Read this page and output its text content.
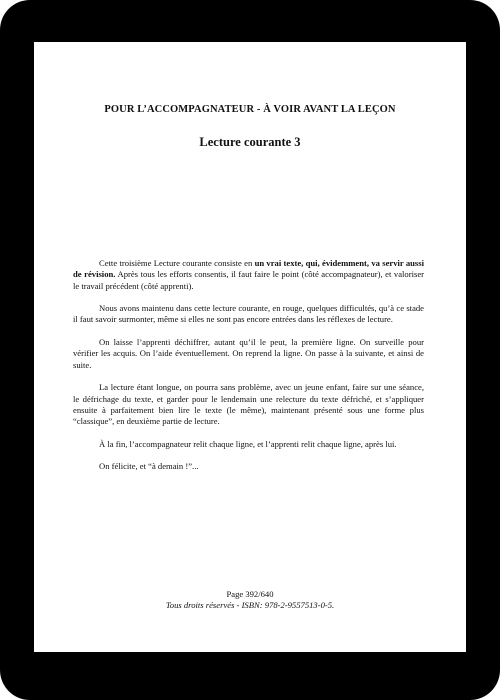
POUR L’ACCOMPAGNATEUR - À VOIR AVANT LA LEÇON
Lecture courante 3

Cette troisième Lecture courante consiste en un vrai texte, qui, évidemment, va servir aussi de révision. Après tous les efforts consentis, il faut faire le point (côté accompagnateur), et valoriser le travail précédent (côté apprenti).

Nous avons maintenu dans cette lecture courante, en rouge, quelques difficultés, qu’à ce stade il faut savoir surmonter, même si elles ne sont pas encore entrées dans les réflexes de lecture.

On laisse l’apprenti déchiffrer, autant qu’il le peut, la première ligne. On surveille pour vérifier les acquis. On l’aide éventuellement. On reprend la ligne. On passe à la suivante, et ainsi de suite.

La lecture étant longue, on pourra sans problème, avec un jeune enfant, faire sur une séance, le défrichage du texte, et garder pour le lendemain une relecture du texte défriché, et s’appliquer ensuite à parfaitement bien lire le texte (le même), maintenant présenté sous une forme plus “classique”, en deuxième partie de lecture.

À la fin, l’accompagnateur relit chaque ligne, et l’apprenti relit chaque ligne, après lui.

On félicite, et “à demain !”...

Page 392/640
Tous droits réservés - ISBN: 978-2-9557513-0-5.
